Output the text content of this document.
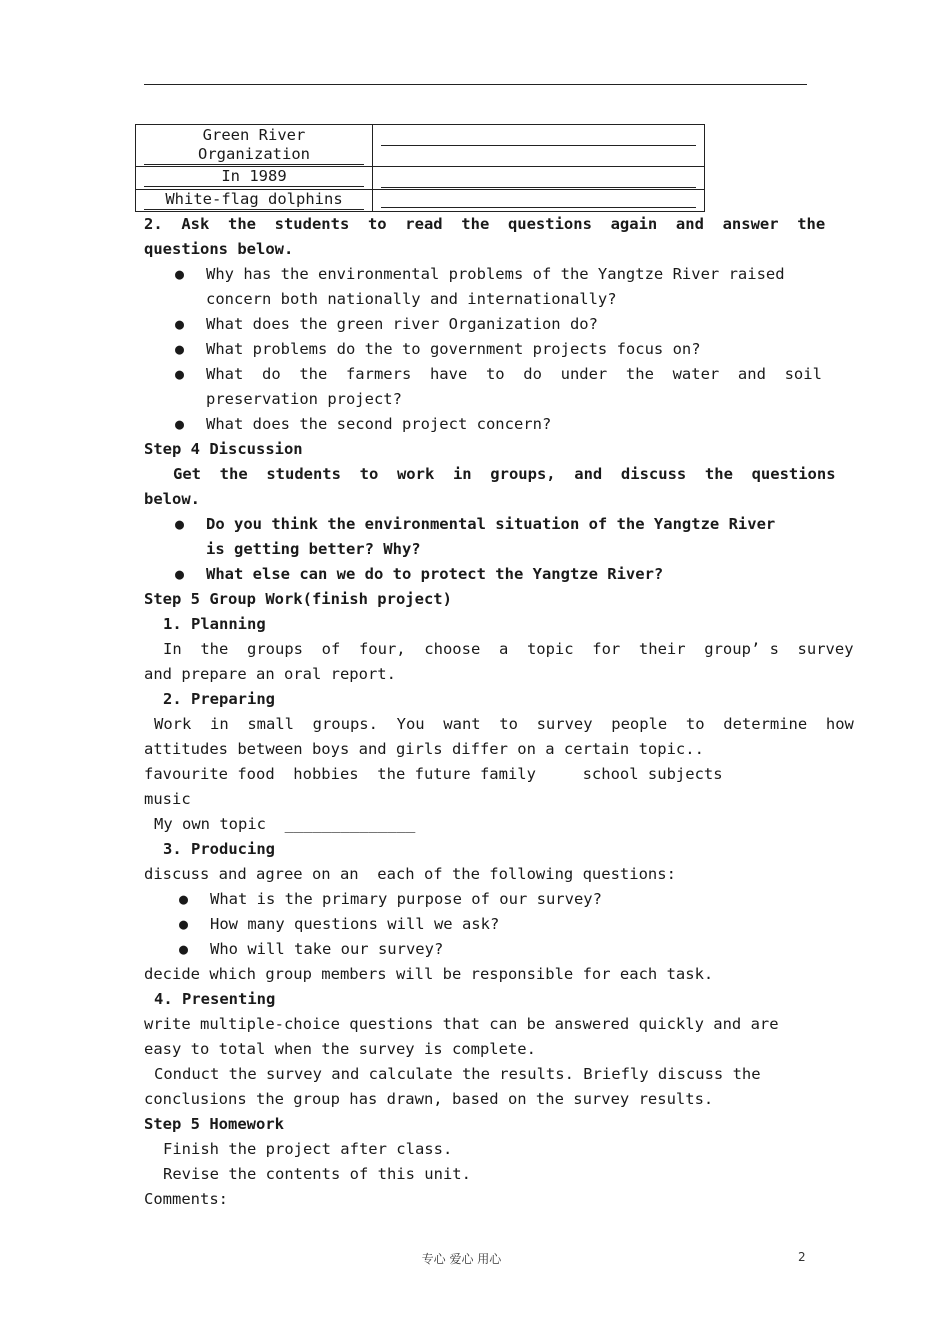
Green River
Organization	

In 1989	

White-flag dolphins	

2.  Ask  the  students  to  read  the  questions  again  and  answer  the
questions below.
● Why has the environmental problems of the Yangtze River raised
concern both nationally and internationally?
● What does the green river Organization do?
● What problems do the to government projects focus on?
● What  do  the  farmers  have  to  do  under  the  water  and  soil
preservation project?
● What does the second project concern?
Step 4 Discussion
Get  the  students  to  work  in  groups,  and  discuss  the  questions
below.
● Do you think the environmental situation of the Yangtze River
is getting better? Why?
● What else can we do to protect the Yangtze River?
Step 5 Group Work(finish project)
1. Planning
In  the  groups  of  four,  choose  a  topic  for  their  group’ s  survey
and prepare an oral report.
2. Preparing
Work  in  small  groups.  You  want  to  survey  people  to  determine  how
attitudes between boys and girls differ on a certain topic..
favourite food  hobbies  the future family     school subjects
music
My own topic  ______________
3. Producing
discuss and agree on an  each of the following questions:
● What is the primary purpose of our survey?
● How many questions will we ask?
● Who will take our survey?
decide which group members will be responsible for each task.
4. Presenting
write multiple-choice questions that can be answered quickly and are
easy to total when the survey is complete.
Conduct the survey and calculate the results. Briefly discuss the
conclusions the group has drawn, based on the survey results.
Step 5 Homework
Finish the project after class.
Revise the contents of this unit.
Comments:
专心 爱心 用心	2
